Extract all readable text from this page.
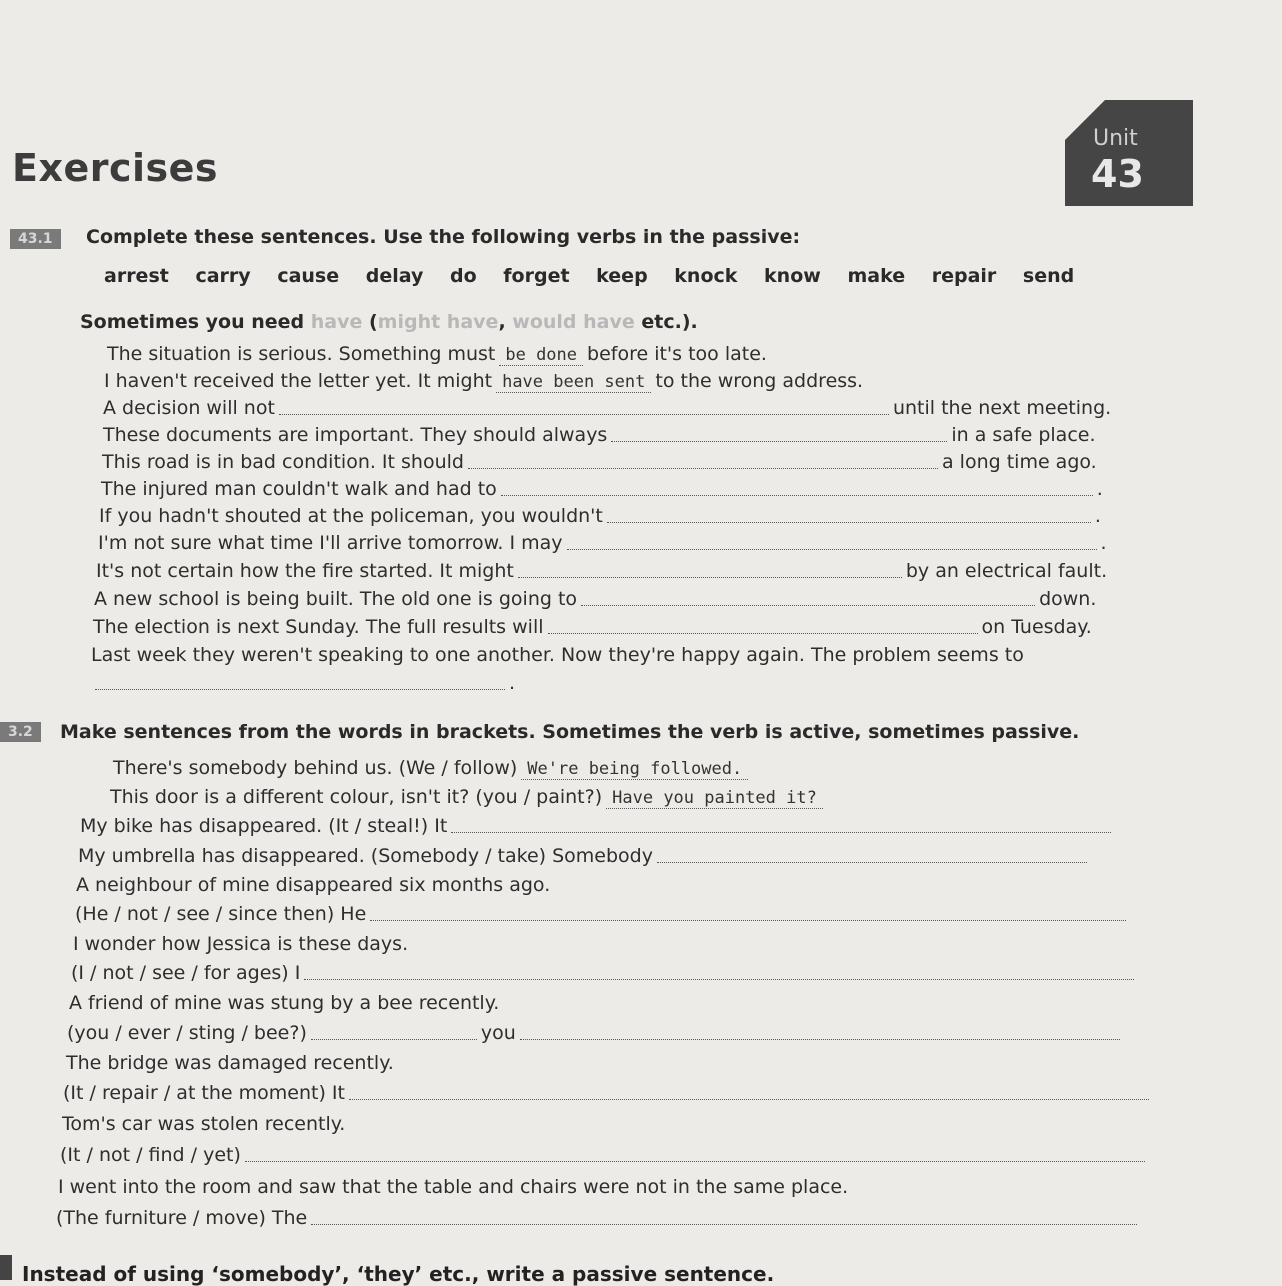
Exercises
Unit
43
43.1	Complete these sentences. Use the following verbs in the passive:
arrest carry cause delay do forget keep knock know make repair send
Sometimes you need have (might have, would have etc.).
The situation is serious. Something must be done before it's too late.
I haven't received the letter yet. It might have been sent to the wrong address.
A decision will not	until the next meeting.
These documents are important. They should always	in a safe place.
This road is in bad condition. It should	a long time ago.
The injured man couldn't walk and had to	.
If you hadn't shouted at the policeman, you wouldn't	.
I'm not sure what time I'll arrive tomorrow. I may	.
It's not certain how the fire started. It might	by an electrical fault.
A new school is being built. The old one is going to	down.
The election is next Sunday. The full results will	on Tuesday.
Last week they weren't speaking to one another. Now they're happy again. The problem seems to
.
3.2	Make sentences from the words in brackets. Sometimes the verb is active, sometimes passive.
There's somebody behind us. (We / follow) We're being followed.
This door is a different colour, isn't it? (you / paint?) Have you painted it?
My bike has disappeared. (It / steal!) It
My umbrella has disappeared. (Somebody / take) Somebody
A neighbour of mine disappeared six months ago.
(He / not / see / since then) He
I wonder how Jessica is these days.
(I / not / see / for ages) I
A friend of mine was stung by a bee recently.
(you / ever / sting / bee?)	you
The bridge was damaged recently.
(It / repair / at the moment) It
Tom's car was stolen recently.
(It / not / find / yet)
I went into the room and saw that the table and chairs were not in the same place.
(The furniture / move) The
Instead of using ‘somebody’, ‘they’ etc., write a passive sentence.
